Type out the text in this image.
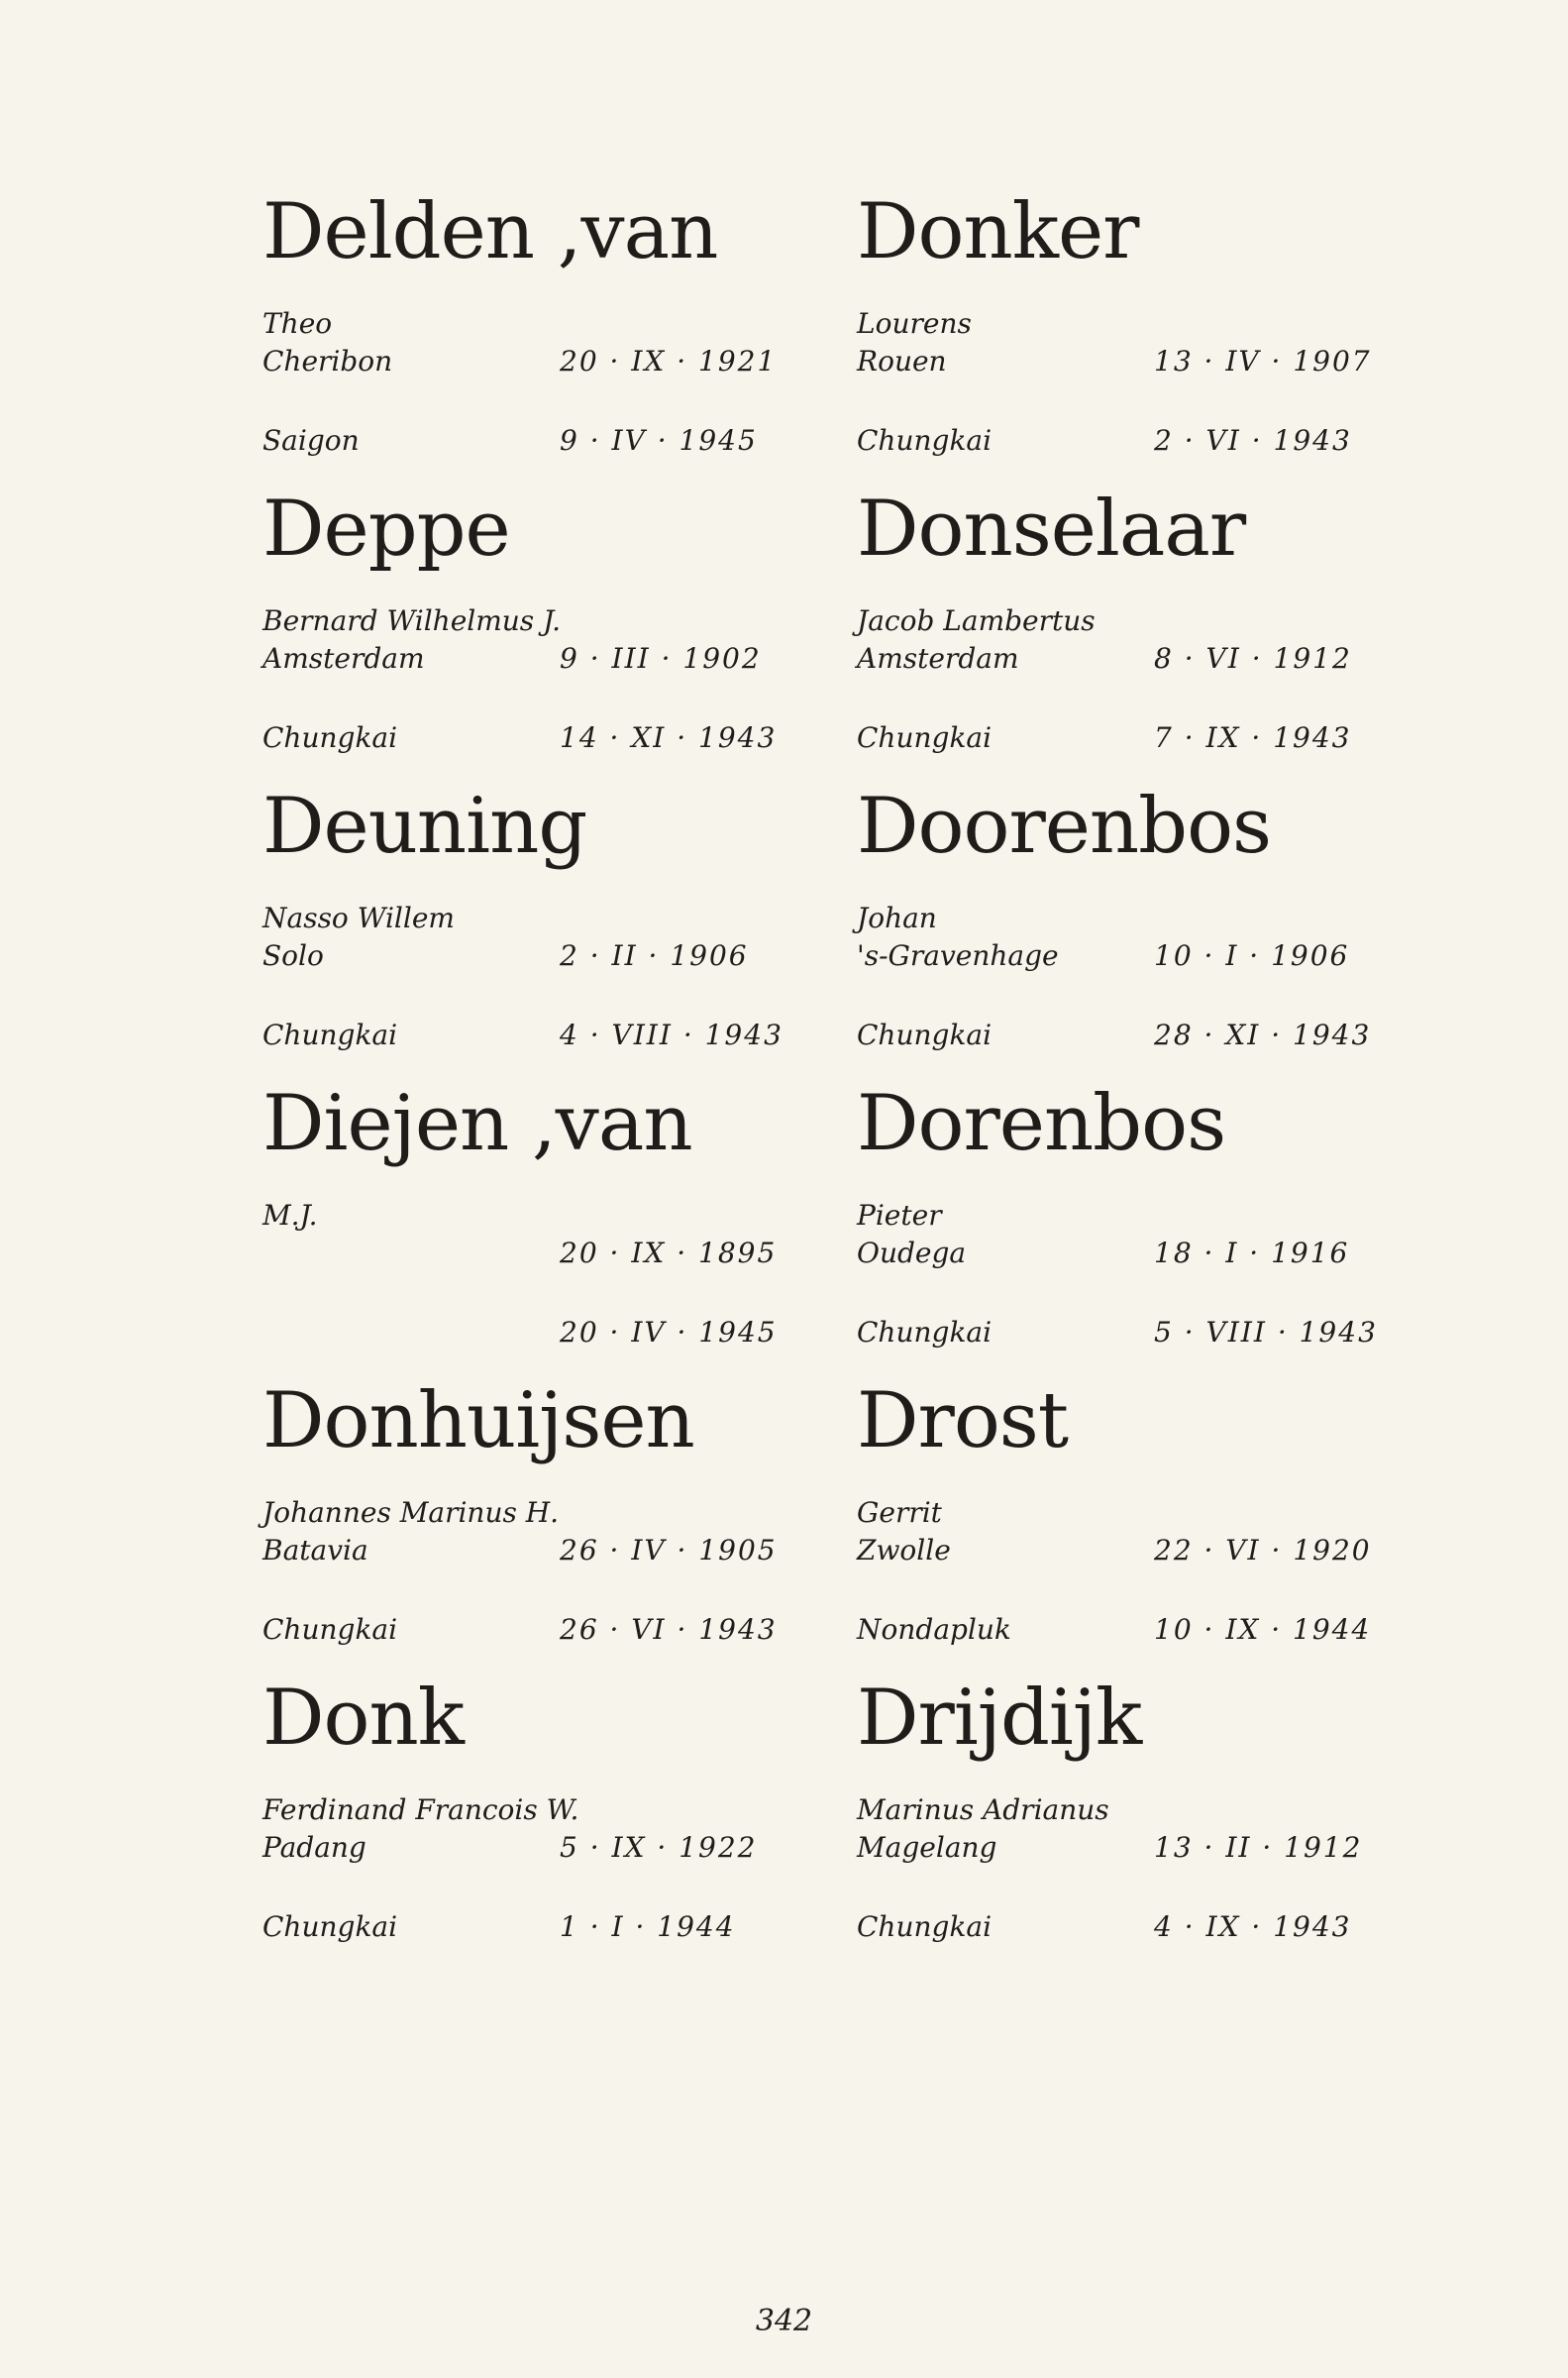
Delden ,van
Theo
Cheribon	20 · IX · 1921
Saigon	9 · IV · 1945
Deppe
Bernard Wilhelmus J.
Amsterdam	9 · III · 1902
Chungkai	14 · XI · 1943
Deuning
Nasso Willem
Solo	2 · II · 1906
Chungkai	4 · VIII · 1943
Diejen ,van
M.J.
20 · IX · 1895
20 · IV · 1945
Donhuijsen
Johannes Marinus H.
Batavia	26 · IV · 1905
Chungkai	26 · VI · 1943
Donk
Ferdinand Francois W.
Padang	5 · IX · 1922
Chungkai	1 · I · 1944
Donker
Lourens
Rouen	13 · IV · 1907
Chungkai	2 · VI · 1943
Donselaar
Jacob Lambertus
Amsterdam	8 · VI · 1912
Chungkai	7 · IX · 1943
Doorenbos
Johan
's-Gravenhage	10 · I · 1906
Chungkai	28 · XI · 1943
Dorenbos
Pieter
Oudega	18 · I · 1916
Chungkai	5 · VIII · 1943
Drost
Gerrit
Zwolle	22 · VI · 1920
Nondapluk	10 · IX · 1944
Drijdijk
Marinus Adrianus
Magelang	13 · II · 1912
Chungkai	4 · IX · 1943
342
